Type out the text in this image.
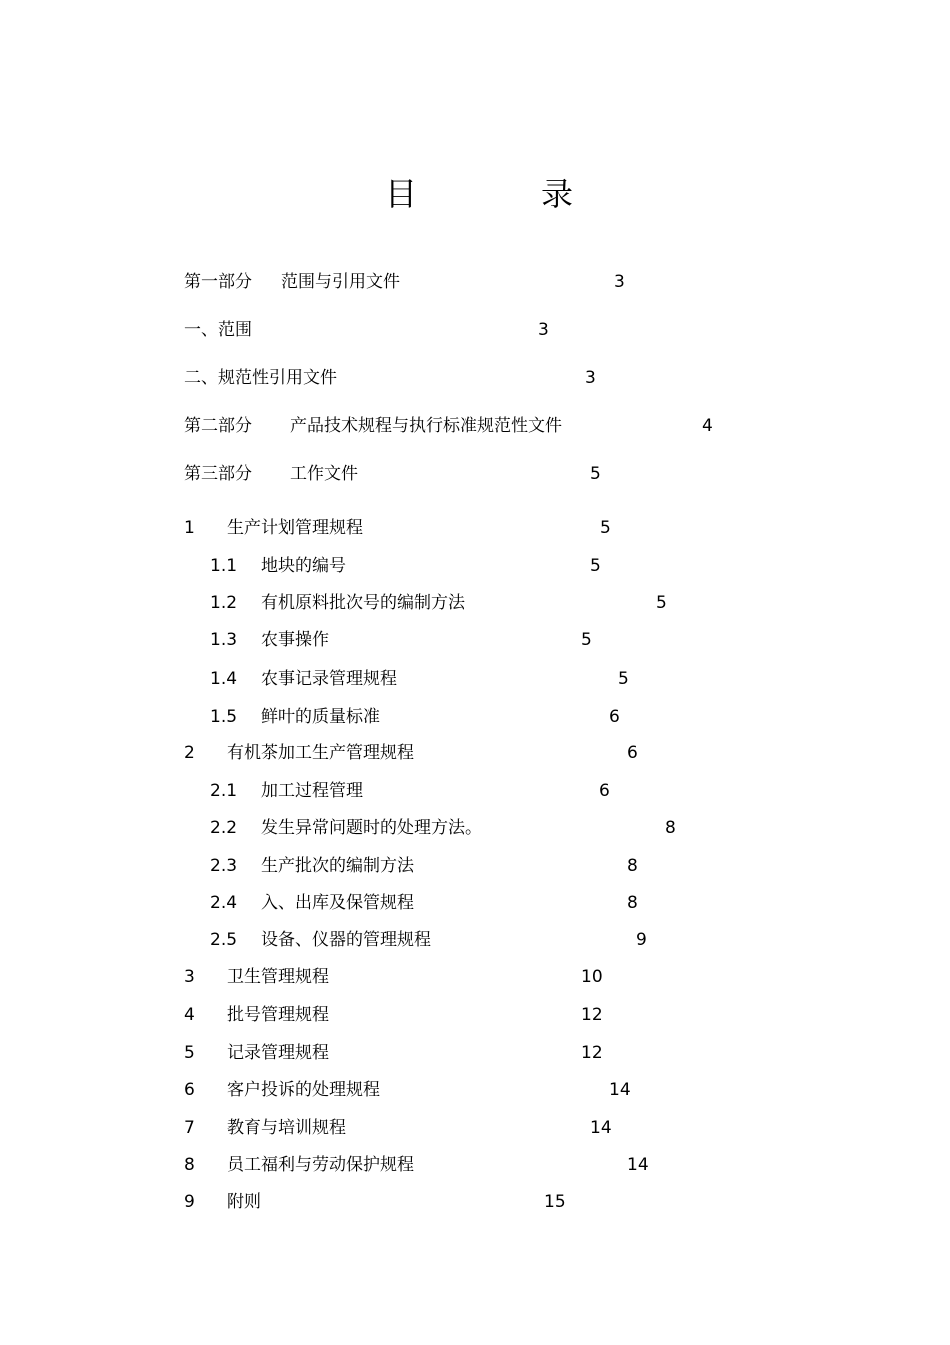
目	录
第一部分 范围与引用文件	3
一、范围	3
二、规范性引用文件	3
第二部分 产品技术规程与执行标准规范性文件	4
第三部分 工作文件	5
1 生产计划管理规程	5
1.1 地块的编号	5
1.2 有机原料批次号的编制方法	5
1.3 农事操作	5
1.4 农事记录管理规程	5
1.5 鲜叶的质量标准	6
2 有机茶加工生产管理规程	6
2.1 加工过程管理	6
2.2 发生异常问题时的处理方法。	8
2.3 生产批次的编制方法	8
2.4 入、出库及保管规程	8
2.5 设备、仪器的管理规程	9
3 卫生管理规程	10
4 批号管理规程	12
5 记录管理规程	12
6 客户投诉的处理规程	14
7 教育与培训规程	14
8 员工福利与劳动保护规程	14
9 附则	15
